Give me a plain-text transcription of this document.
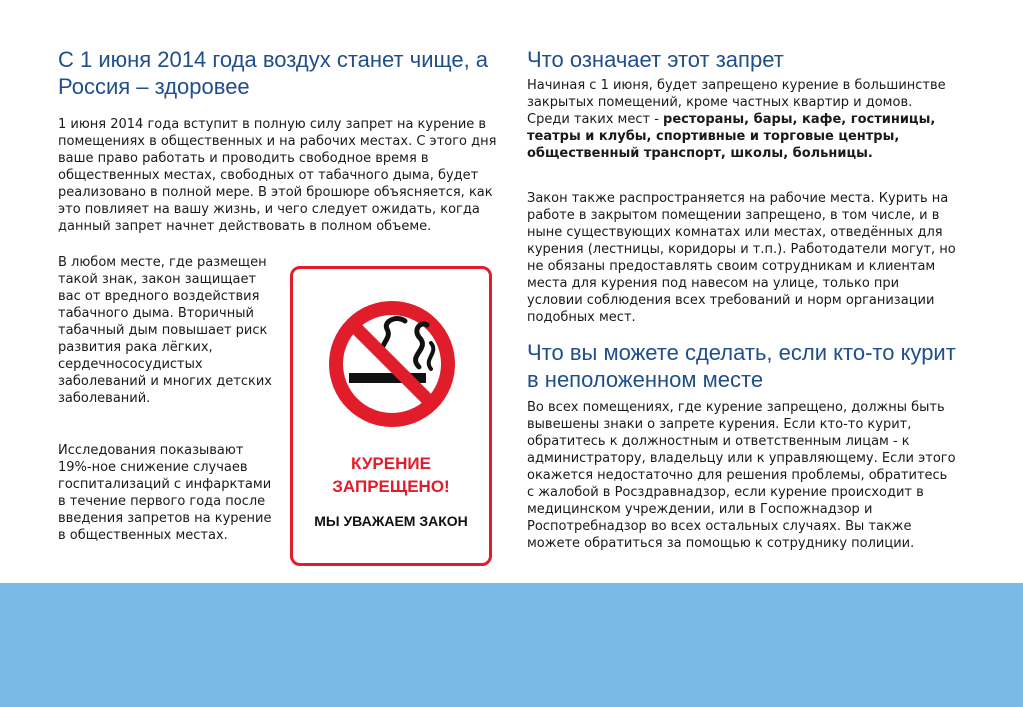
С 1 июня 2014 года воздух станет чище, а Россия – здоровее

1 июня 2014 года вступит в полную силу запрет на курение в помещениях в общественных и на рабочих местах. С этого дня ваше право работать и проводить свободное время в общественных местах, свободных от табачного дыма, будет реализовано в полной мере. В этой брошюре объясняется, как это повлияет на вашу жизнь, и чего следует ожидать, когда данный запрет начнет действовать в полном объеме.

В любом месте, где размещен такой знак, закон защищает вас от вредного воздействия табачного дыма. Вторичный табачный дым повышает риск развития рака лёгких, сердечнососудистых заболеваний и многих детских заболеваний.

Исследования показывают 19%-ное снижение случаев госпитализаций с инфарктами в течение первого года после введения запретов на курение в общественных местах.

КУРЕНИЕ
ЗАПРЕЩЕНО!
МЫ УВАЖАЕМ ЗАКОН
Что означает этот запрет

Начиная с 1 июня, будет запрещено курение в большинстве закрытых помещений, кроме частных квартир и домов. Среди таких мест - рестораны, бары, кафе, гостиницы, театры и клубы, спортивные и торговые центры, общественный транспорт, школы, больницы.

Закон также распространяется на рабочие места. Курить на работе в закрытом помещении запрещено, в том числе, и в ныне существующих комнатах или местах, отведённых для курения (лестницы, коридоры и т.п.). Работодатели могут, но не обязаны предоставлять своим сотрудникам и клиентам места для курения под навесом на улице, только при условии соблюдения всех требований и норм организации подобных мест.

Что вы можете сделать, если кто-то курит в неположенном месте

Во всех помещениях, где курение запрещено, должны быть вывешены знаки о запрете курения. Если кто-то курит, обратитесь к должностным и ответственным лицам - к администратору, владельцу или к управляющему. Если этого окажется недостаточно для решения проблемы, обратитесь с жалобой в Росздравнадзор, если курение происходит в медицинском учреждении, или в Госпожнадзор и Роспотребнадзор во всех остальных случаях. Вы также можете обратиться за помощью к сотруднику полиции.
